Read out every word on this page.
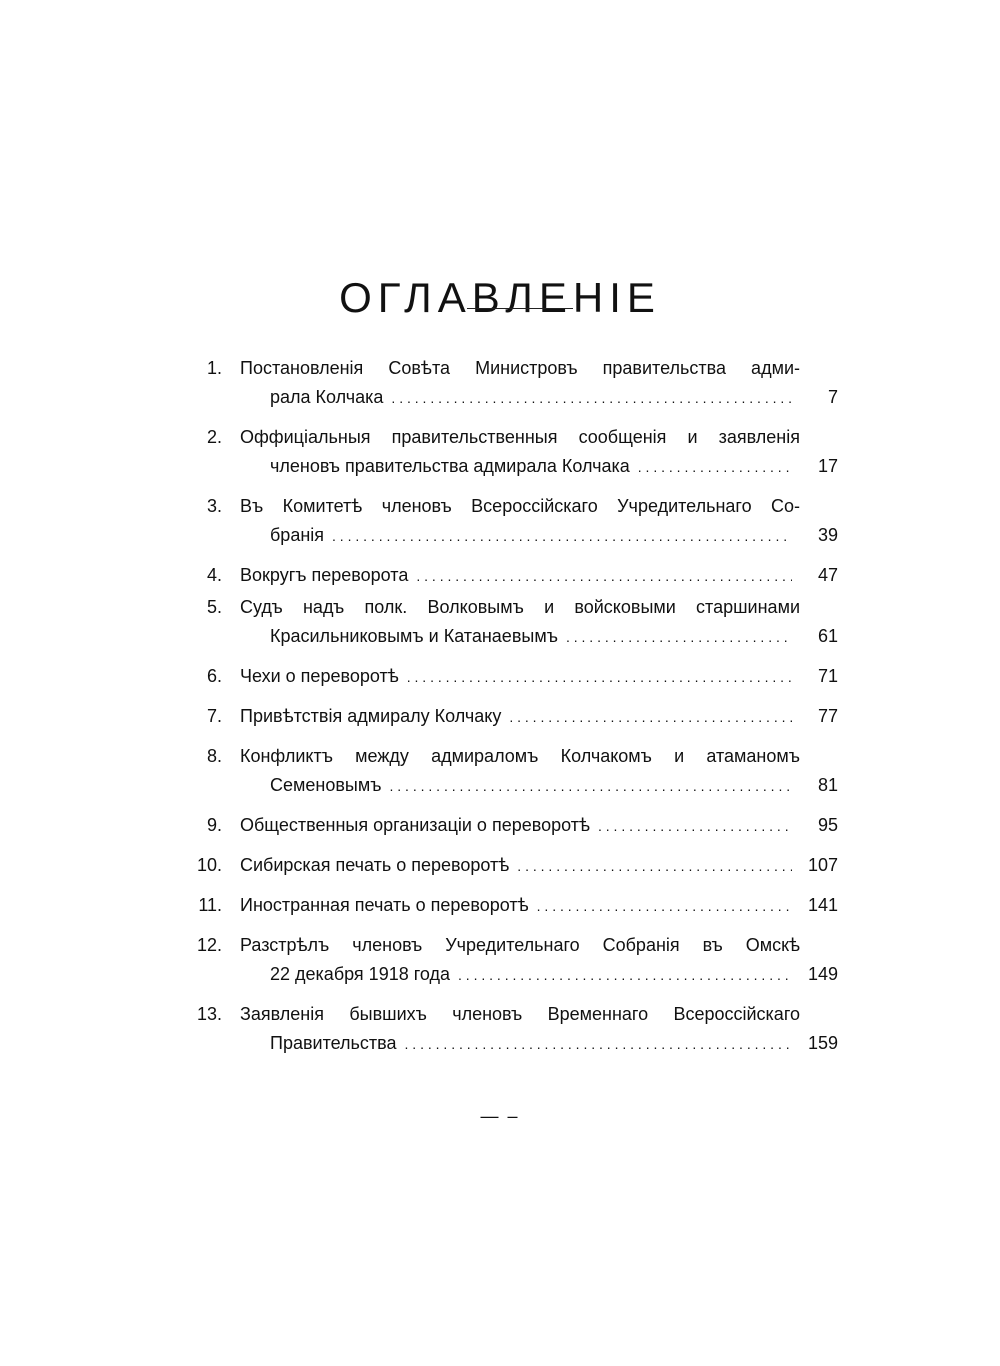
ОГЛАВЛЕНІЕ
1. Постановленія Совѣта Министровъ правительства адми-
рала Колчака . . .	7
2. Оффиціальныя правительственныя сообщенія и заявленія
членовъ правительства адмирала Колчака . . .	17
3. Въ Комитетѣ членовъ Всероссійскаго Учредительнаго Со-
бранія . . .	39
4. Вокругъ переворота . . .	47
5. Судъ надъ полк. Волковымъ и войсковыми старшинами
Красильниковымъ и Катанаевымъ . . .	61
6. Чехи о переворотѣ . . .	71
7. Привѣтствія адмиралу Колчаку . . .	77
8. Конфликтъ между адмираломъ Колчакомъ и атаманомъ
Семеновымъ . . .	81
9. Общественныя организаціи о переворотѣ . . .	95
10. Сибирская печать о переворотѣ . . .	107
11. Иностранная печать о переворотѣ . . .	141
12. Разстрѣлъ членовъ Учредительнаго Собранія въ Омскѣ
22 декабря 1918 года . . .	149
13. Заявленія бывшихъ членовъ Временнаго Всероссійскаго
Правительства . . .	159
— –
